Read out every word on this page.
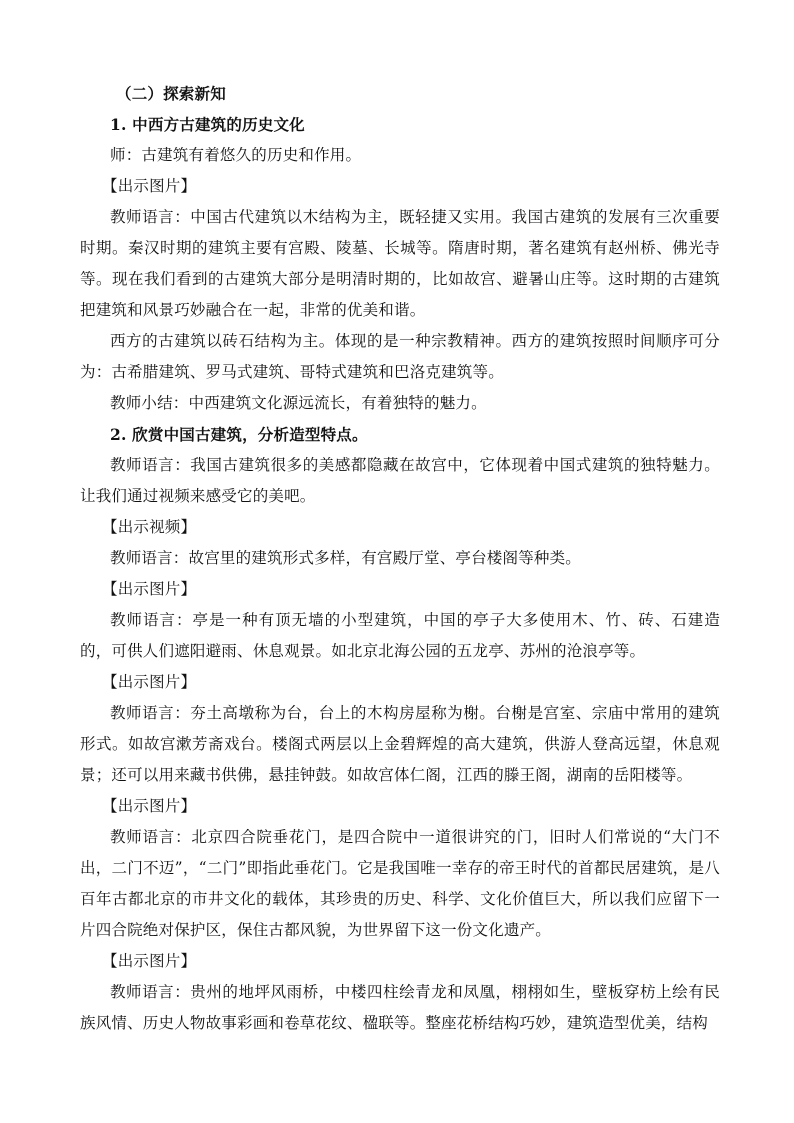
（二）探索新知

1. 中西方古建筑的历史文化

师：古建筑有着悠久的历史和作用。

【出示图片】

教师语言：中国古代建筑以木结构为主，既轻捷又实用。我国古建筑的发展有三次重要时期。秦汉时期的建筑主要有宫殿、陵墓、长城等。隋唐时期，著名建筑有赵州桥、佛光寺等。现在我们看到的古建筑大部分是明清时期的，比如故宫、避暑山庄等。这时期的古建筑把建筑和风景巧妙融合在一起，非常的优美和谐。

西方的古建筑以砖石结构为主。体现的是一种宗教精神。西方的建筑按照时间顺序可分为：古希腊建筑、罗马式建筑、哥特式建筑和巴洛克建筑等。

教师小结：中西建筑文化源远流长，有着独特的魅力。

2. 欣赏中国古建筑，分析造型特点。

教师语言：我国古建筑很多的美感都隐藏在故宫中，它体现着中国式建筑的独特魅力。让我们通过视频来感受它的美吧。

【出示视频】

教师语言：故宫里的建筑形式多样，有宫殿厅堂、亭台楼阁等种类。

【出示图片】

教师语言：亭是一种有顶无墙的小型建筑，中国的亭子大多使用木、竹、砖、石建造的，可供人们遮阳避雨、休息观景。如北京北海公园的五龙亭、苏州的沧浪亭等。

【出示图片】

教师语言：夯土高墩称为台，台上的木构房屋称为榭。台榭是宫室、宗庙中常用的建筑形式。如故宫漱芳斋戏台。楼阁式两层以上金碧辉煌的高大建筑，供游人登高远望，休息观景；还可以用来藏书供佛，悬挂钟鼓。如故宫体仁阁，江西的滕王阁，湖南的岳阳楼等。

【出示图片】

教师语言：北京四合院垂花门，是四合院中一道很讲究的门，旧时人们常说的“大门不出，二门不迈”，“二门”即指此垂花门。它是我国唯一幸存的帝王时代的首都民居建筑，是八百年古都北京的市井文化的载体，其珍贵的历史、科学、文化价值巨大，所以我们应留下一片四合院绝对保护区，保住古都风貌，为世界留下这一份文化遗产。

【出示图片】

教师语言：贵州的地坪风雨桥，中楼四柱绘青龙和凤凰，栩栩如生，壁板穿枋上绘有民族风情、历史人物故事彩画和卷草花纹、楹联等。整座花桥结构巧妙，建筑造型优美，结构
